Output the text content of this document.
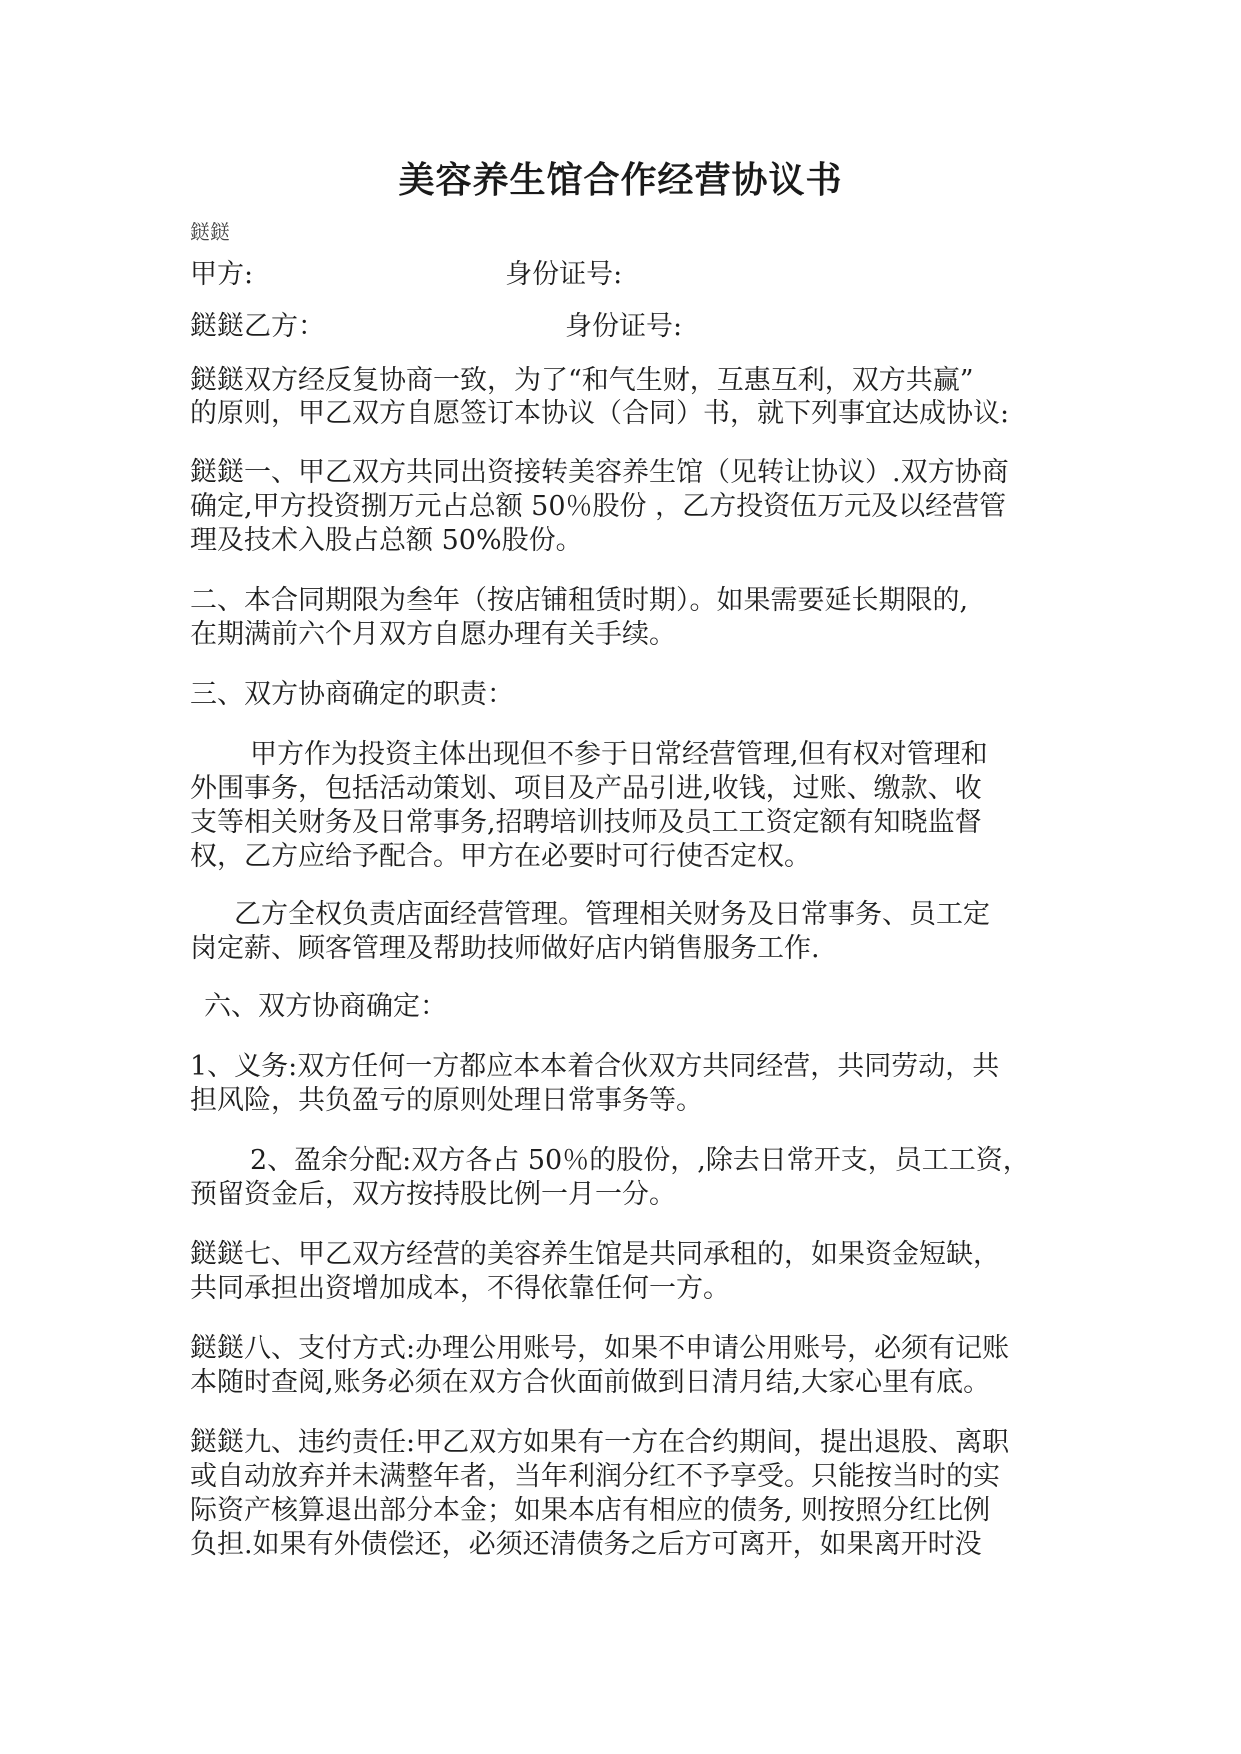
美容养生馆合作经营协议书
鎹鎹
甲方:	身份证号:
鎹鎹乙方：	身份证号:
鎹鎹双方经反复协商一致，为了“和气生财，互惠互利，双方共赢”
的原则，甲乙双方自愿签订本协议（合同）书，就下列事宜达成协议:
鎹鎹一、甲乙双方共同出资接转美容养生馆（见转让协议）.双方协商
确定,甲方投资捌万元占总额 50％股份 ，乙方投资伍万元及以经营管
理及技术入股占总额 50%股份。
二、本合同期限为叁年（按店铺租赁时期）。如果需要延长期限的,
在期满前六个月双方自愿办理有关手续。
三、双方协商确定的职责：
甲方作为投资主体出现但不参于日常经营管理,但有权对管理和
外围事务，包括活动策划、项目及产品引进,收钱，过账、缴款、收
支等相关财务及日常事务,招聘培训技师及员工工资定额有知晓监督
权，乙方应给予配合。甲方在必要时可行使否定权。
乙方全权负责店面经营管理。管理相关财务及日常事务、员工定
岗定薪、顾客管理及帮助技师做好店内销售服务工作.
六、双方协商确定：
1、义务:双方任何一方都应本本着合伙双方共同经营，共同劳动，共
担风险，共负盈亏的原则处理日常事务等。
2、盈余分配:双方各占 50％的股份，,除去日常开支，员工工资，
预留资金后，双方按持股比例一月一分。
鎹鎹七、甲乙双方经营的美容养生馆是共同承租的，如果资金短缺，
共同承担出资增加成本，不得依靠任何一方。
鎹鎹八、支付方式:办理公用账号，如果不申请公用账号，必须有记账
本随时查阅,账务必须在双方合伙面前做到日清月结,大家心里有底。
鎹鎹九、违约责任:甲乙双方如果有一方在合约期间，提出退股、离职
或自动放弃并未满整年者，当年利润分红不予享受。只能按当时的实
际资产核算退出部分本金；如果本店有相应的债务, 则按照分红比例
负担.如果有外债偿还，必须还清债务之后方可离开，如果离开时没
